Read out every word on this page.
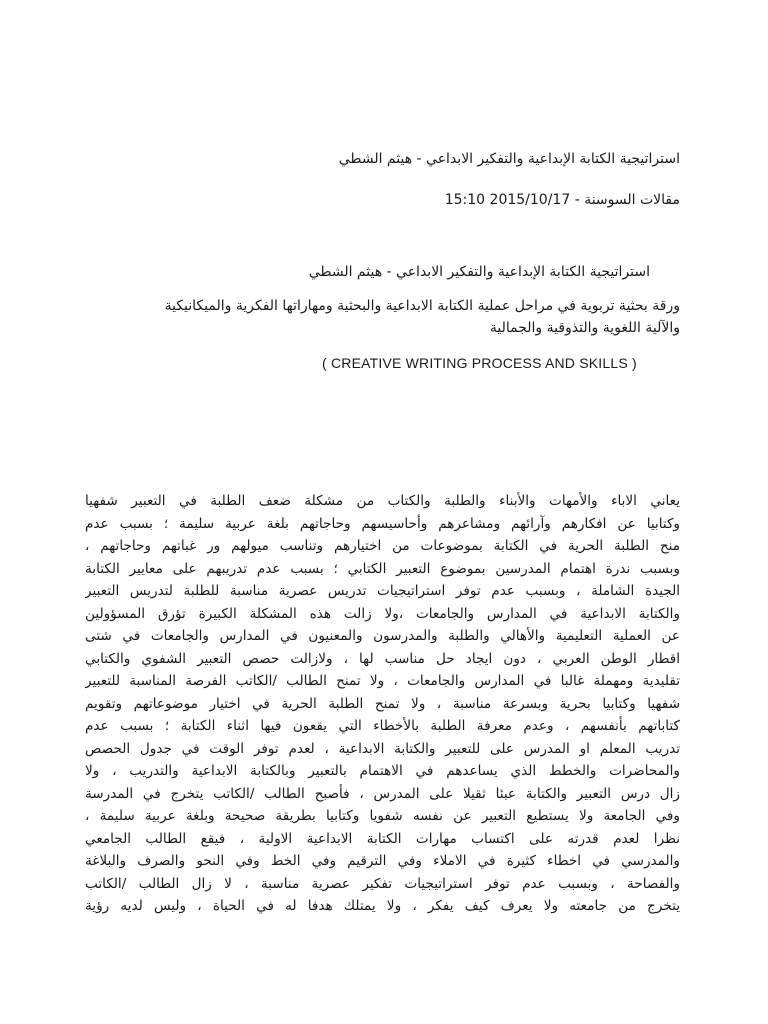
استراتيجية الكتابة الإبداعية والتفكير الابداعي - هيثم الشطي
مقالات السوسنة - 15:10 2015/10/17
استراتيجية الكتابة الإبداعية والتفكير الابداعي - هيثم الشطي
ورقة بحثية تربوية في مراحل عملية الكتابة الابداعية والبحثية ومهاراتها الفكرية والميكانيكية
والآلية اللغوية والتذوقية والجمالية
( CREATIVE WRITING PROCESS AND SKILLS )
يعاني الاباء والأمهات والأبناء والطلبة والكتاب من مشكلة ضعف الطلبة في التعبير شفهيا
وكتابيا عن افكارهم وآرائهم ومشاعرهم وأحاسيسهم وحاجاتهم بلغة عربية سليمة ؛ بسبب عدم
منح الطلبة الحرية في الكتابة بموضوعات من اختيارهم وتناسب ميولهم ور غباتهم وحاجاتهم ،
وبسبب ندرة اهتمام المدرسين بموضوع التعبير الكتابي ؛ بسبب عدم تدريبهم على معايير الكتابة
الجيدة الشاملة ، وبسبب عدم توفر استراتيجيات تدريس عصرية مناسبة للطلبة لتدريس التعبير
والكتابة الابداعية في المدارس والجامعات ،ولا زالت هذه المشكلة الكبيرة تؤرق المسؤولين
عن العملية التعليمية والأهالي والطلبة والمدرسون والمعنيون في المدارس والجامعات في شتى
اقطار الوطن العربي ، دون ايجاد حل مناسب لها ، ولازالت حصص التعبير الشفوي والكتابي
تقليدية ومهملة غالبا في المدارس والجامعات ، ولا تمنح الطالب /الكاتب الفرصة المناسبة للتعبير
شفهيا وكتابيا بحرية وبسرعة مناسبة ، ولا تمنح الطلبة الحرية في اختيار موضوعاتهم وتقويم
كتاباتهم بأنفسهم ، وعدم معرفة الطلبة بالأخطاء التي يقعون فيها اثناء الكتابة ؛ بسبب عدم
تدريب المعلم او المدرس على للتعبير والكتابة الابداعية ، لعدم توفر الوقت في جدول الحصص
والمحاضرات والخطط الذي يساعدهم في الاهتمام بالتعبير وبالكتابة الابداعية والتدريب ، ولا
زال درس التعبير والكتابة عبئا ثقيلا على المدرس ، فأصبح الطالب /الكاتب يتخرج في المدرسة
وفي الجامعة ولا يستطيع التعبير عن نفسه شفويا وكتابيا بطريقة صحيحة وبلغة عربية سليمة ،
نظرا لعدم قدرته على اكتساب مهارات الكتابة الابداعية الاولية ، فيقع الطالب الجامعي
والمدرسي في اخطاء كثيرة في الاملاء وفي الترقيم وفي الخط وفي النحو والصرف والبلاغة
والفصاحة ، وبسبب عدم توفر استراتيجيات تفكير عصرية مناسبة ، لا زال الطالب /الكاتب
يتخرج من جامعته ولا يعرف كيف يفكر ، ولا يمتلك هدفا له في الحياة ، وليس لديه رؤية
